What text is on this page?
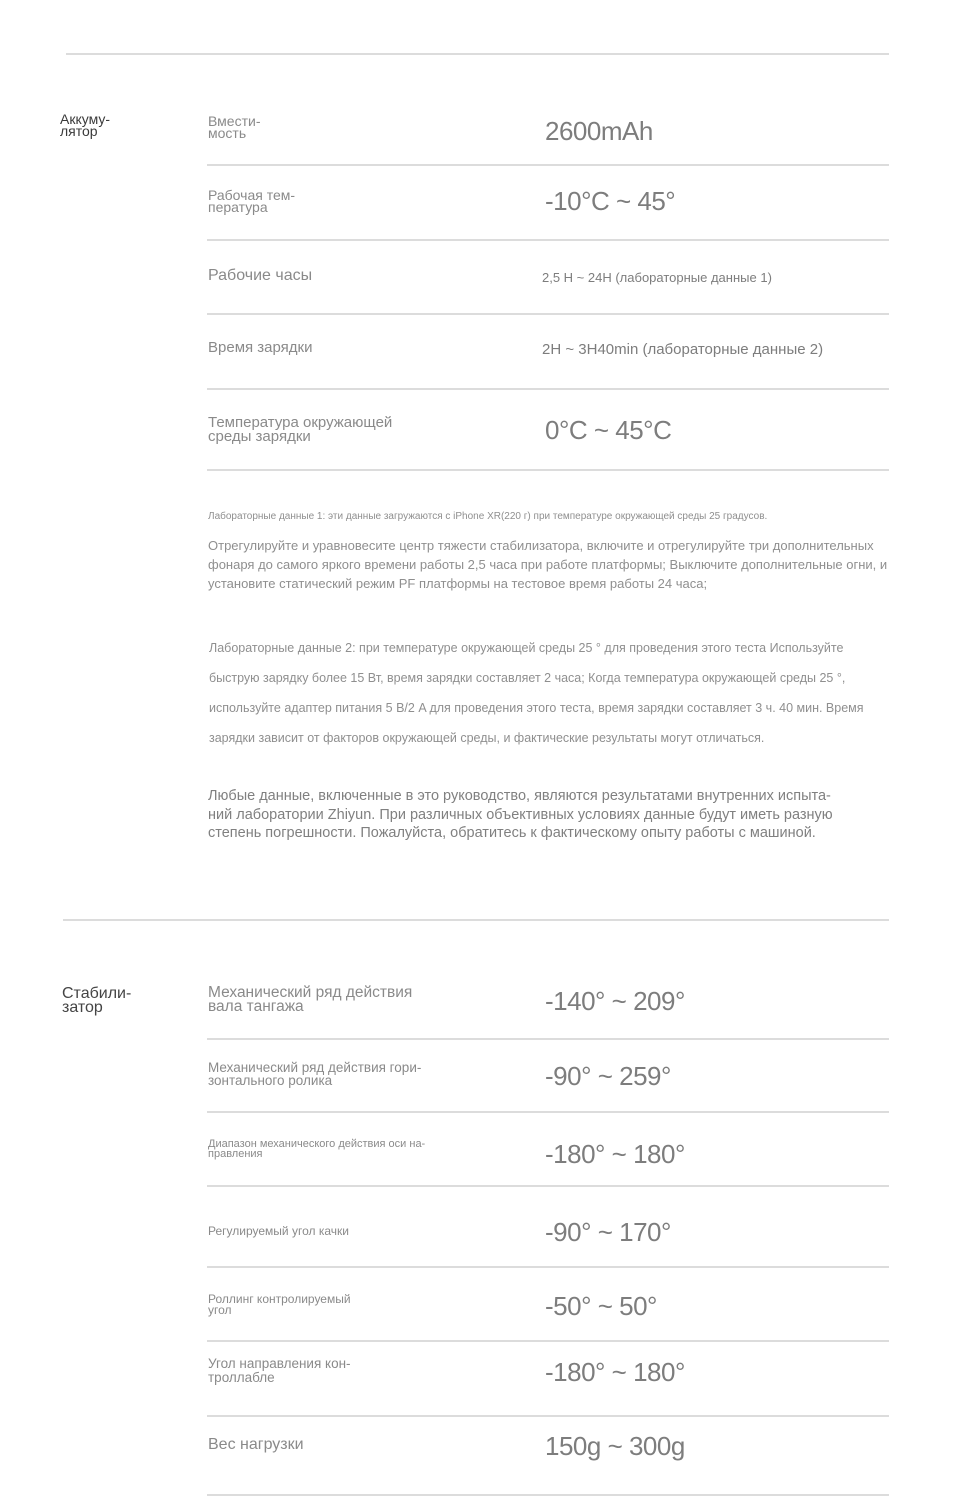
Аккуму-
лятор
Вмести-
мость	2600mAh
Рабочая тем-
пература	-10°C ~ 45°
Рабочие часы	2,5 Н ~ 24Н (лабораторные данные 1)
Время зарядки	2Н ~ 3H40min (лабораторные данные 2)
Температура окружающей
среды зарядки	0°C ~ 45°C
Лабораторные данные 1: эти данные загружаются с iPhone XR(220 г) при температуре окружающей среды 25 градусов.
Отрегулируйте и уравновесите центр тяжести стабилизатора, включите и отрегулируйте три дополнительных фонаря до самого яркого времени работы 2,5 часа при работе платформы; Выключите дополнительные огни, и установите статический режим PF платформы на тестовое время работы 24 часа;
Лабораторные данные 2: при температуре окружающей среды 25 ° для проведения этого теста Используйте быструю зарядку более 15 Вт, время зарядки составляет 2 часа; Когда температура окружающей среды 25 °, используйте адаптер питания 5 В/2 A для проведения этого теста, время зарядки составляет 3 ч. 40 мин. Время зарядки зависит от факторов окружающей среды, и фактические результаты могут отличаться.
Любые данные, включенные в это руководство, являются результатами внутренних испыта-
ний лаборатории Zhiyun. При различных объективных условиях данные будут иметь разную
степень погрешности. Пожалуйста, обратитесь к фактическому опыту работы с машиной.
Стабили-
затор
Механический ряд действия
вала тангажа	-140° ~ 209°
Механический ряд действия гори-
зонтального ролика	-90° ~ 259°
Диапазон механического действия оси на-
правления	-180° ~ 180°
Регулируемый угол качки	-90° ~ 170°
Роллинг контролируемый
угол	-50° ~ 50°
Угол направления кон-
троллабле	-180° ~ 180°
Вес нагрузки	150g ~ 300g
